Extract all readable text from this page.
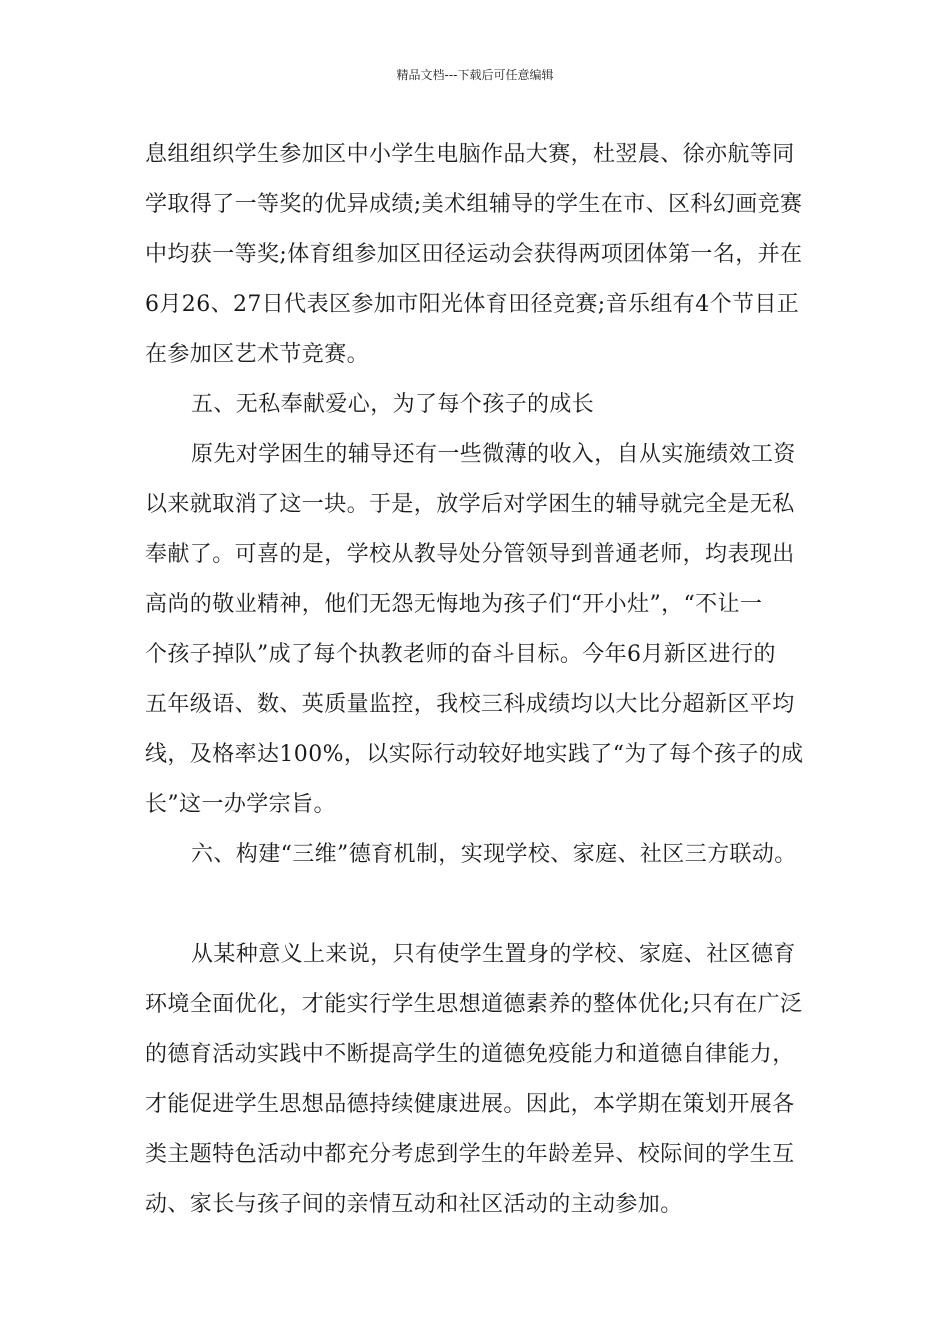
精品文档---下载后可任意编辑
息组组织学生参加区中小学生电脑作品大赛，杜翌晨、徐亦航等同
学取得了一等奖的优异成绩;美术组辅导的学生在市、区科幻画竞赛
中均获一等奖;体育组参加区田径运动会获得两项团体第一名，并在
6月26、27日代表区参加市阳光体育田径竞赛;音乐组有4个节目正
在参加区艺术节竞赛。
五、无私奉献爱心，为了每个孩子的成长
原先对学困生的辅导还有一些微薄的收入，自从实施绩效工资
以来就取消了这一块。于是，放学后对学困生的辅导就完全是无私
奉献了。可喜的是，学校从教导处分管领导到普通老师，均表现出
高尚的敬业精神，他们无怨无悔地为孩子们“开小灶”，“不让一
个孩子掉队”成了每个执教老师的奋斗目标。今年6月新区进行的
五年级语、数、英质量监控，我校三科成绩均以大比分超新区平均
线，及格率达100%，以实际行动较好地实践了“为了每个孩子的成
长”这一办学宗旨。
六、构建“三维”德育机制，实现学校、家庭、社区三方联动。
从某种意义上来说，只有使学生置身的学校、家庭、社区德育
环境全面优化，才能实行学生思想道德素养的整体优化;只有在广泛
的德育活动实践中不断提高学生的道德免疫能力和道德自律能力，
才能促进学生思想品德持续健康进展。因此，本学期在策划开展各
类主题特色活动中都充分考虑到学生的年龄差异、校际间的学生互
动、家长与孩子间的亲情互动和社区活动的主动参加。
